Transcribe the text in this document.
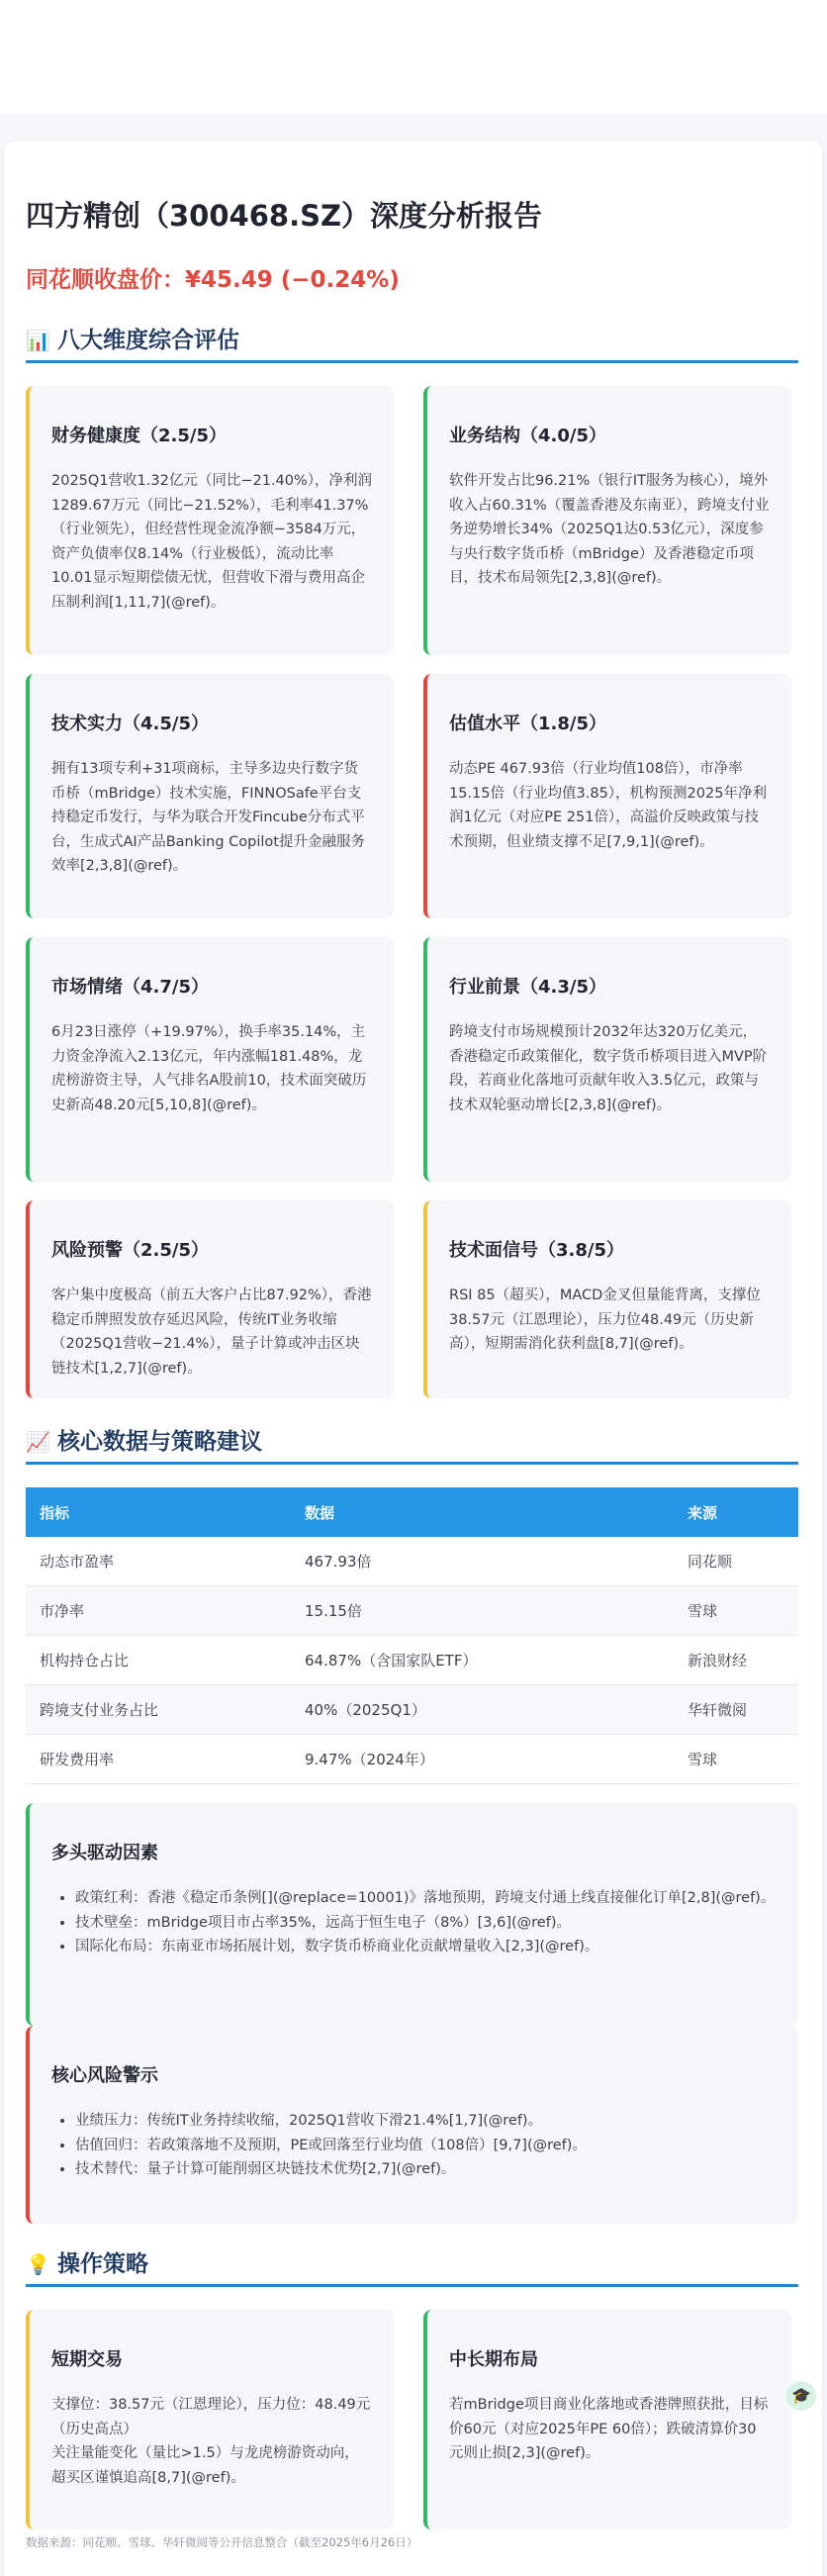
四方精创（300468.SZ）深度分析报告
同花顺收盘价：¥45.49 (−0.24%)
📊 八大维度综合评估
财务健康度（2.5/5）

2025Q1营收1.32亿元（同比−21.40%），净利润1289.67万元（同比−21.52%），毛利率41.37%（行业领先），但经营性现金流净额−3584万元，资产负债率仅8.14%（行业极低），流动比率10.01显示短期偿债无忧，但营收下滑与费用高企压制利润[1,11,7](@ref)。

业务结构（4.0/5）

软件开发占比96.21%（银行IT服务为核心），境外收入占60.31%（覆盖香港及东南亚），跨境支付业务逆势增长34%（2025Q1达0.53亿元），深度参与央行数字货币桥（mBridge）及香港稳定币项目，技术布局领先[2,3,8](@ref)。

技术实力（4.5/5）

拥有13项专利+31项商标，主导多边央行数字货币桥（mBridge）技术实施，FINNOSafe平台支持稳定币发行，与华为联合开发Fincube分布式平台，生成式AI产品Banking Copilot提升金融服务效率[2,3,8](@ref)。

估值水平（1.8/5）

动态PE 467.93倍（行业均值108倍），市净率15.15倍（行业均值3.85），机构预测2025年净利润1亿元（对应PE 251倍），高溢价反映政策与技术预期，但业绩支撑不足[7,9,1](@ref)。

市场情绪（4.7/5）

6月23日涨停（+19.97%），换手率35.14%，主力资金净流入2.13亿元，年内涨幅181.48%，龙虎榜游资主导，人气排名A股前10，技术面突破历史新高48.20元[5,10,8](@ref)。

行业前景（4.3/5）

跨境支付市场规模预计2032年达320万亿美元，香港稳定币政策催化，数字货币桥项目进入MVP阶段，若商业化落地可贡献年收入3.5亿元，政策与技术双轮驱动增长[2,3,8](@ref)。

风险预警（2.5/5）

客户集中度极高（前五大客户占比87.92%），香港稳定币牌照发放存延迟风险，传统IT业务收缩（2025Q1营收−21.4%），量子计算或冲击区块链技术[1,2,7](@ref)。

技术面信号（3.8/5）

RSI 85（超买），MACD金叉但量能背离，支撑位38.57元（江恩理论），压力位48.49元（历史新高），短期需消化获利盘[8,7](@ref)。

📈 核心数据与策略建议
指标	数据	来源
动态市盈率	467.93倍	同花顺
市净率	15.15倍	雪球
机构持仓占比	64.87%（含国家队ETF）	新浪财经
跨境支付业务占比	40%（2025Q1）	华轩微阅
研发费用率	9.47%（2024年）	雪球
多头驱动因素
• 政策红利：香港《稳定币条例[](@replace=10001)》落地预期，跨境支付通上线直接催化订单[2,8](@ref)。
• 技术壁垒：mBridge项目市占率35%，远高于恒生电子（8%）[3,6](@ref)。
• 国际化布局：东南亚市场拓展计划，数字货币桥商业化贡献增量收入[2,3](@ref)。
核心风险警示
• 业绩压力：传统IT业务持续收缩，2025Q1营收下滑21.4%[1,7](@ref)。
• 估值回归：若政策落地不及预期，PE或回落至行业均值（108倍）[9,7](@ref)。
• 技术替代：量子计算可能削弱区块链技术优势[2,7](@ref)。
💡 操作策略
短期交易

支撑位：38.57元（江恩理论），压力位：48.49元（历史高点）

关注量能变化（量比>1.5）与龙虎榜游资动向，超买区谨慎追高[8,7](@ref)。

中长期布局

若mBridge项目商业化落地或香港牌照获批，目标价60元（对应2025年PE 60倍）；跌破清算价30元则止损[2,3](@ref)。

数据来源：同花顺、雪球、华轩微阅等公开信息整合（截至2025年6月26日）
🎓
